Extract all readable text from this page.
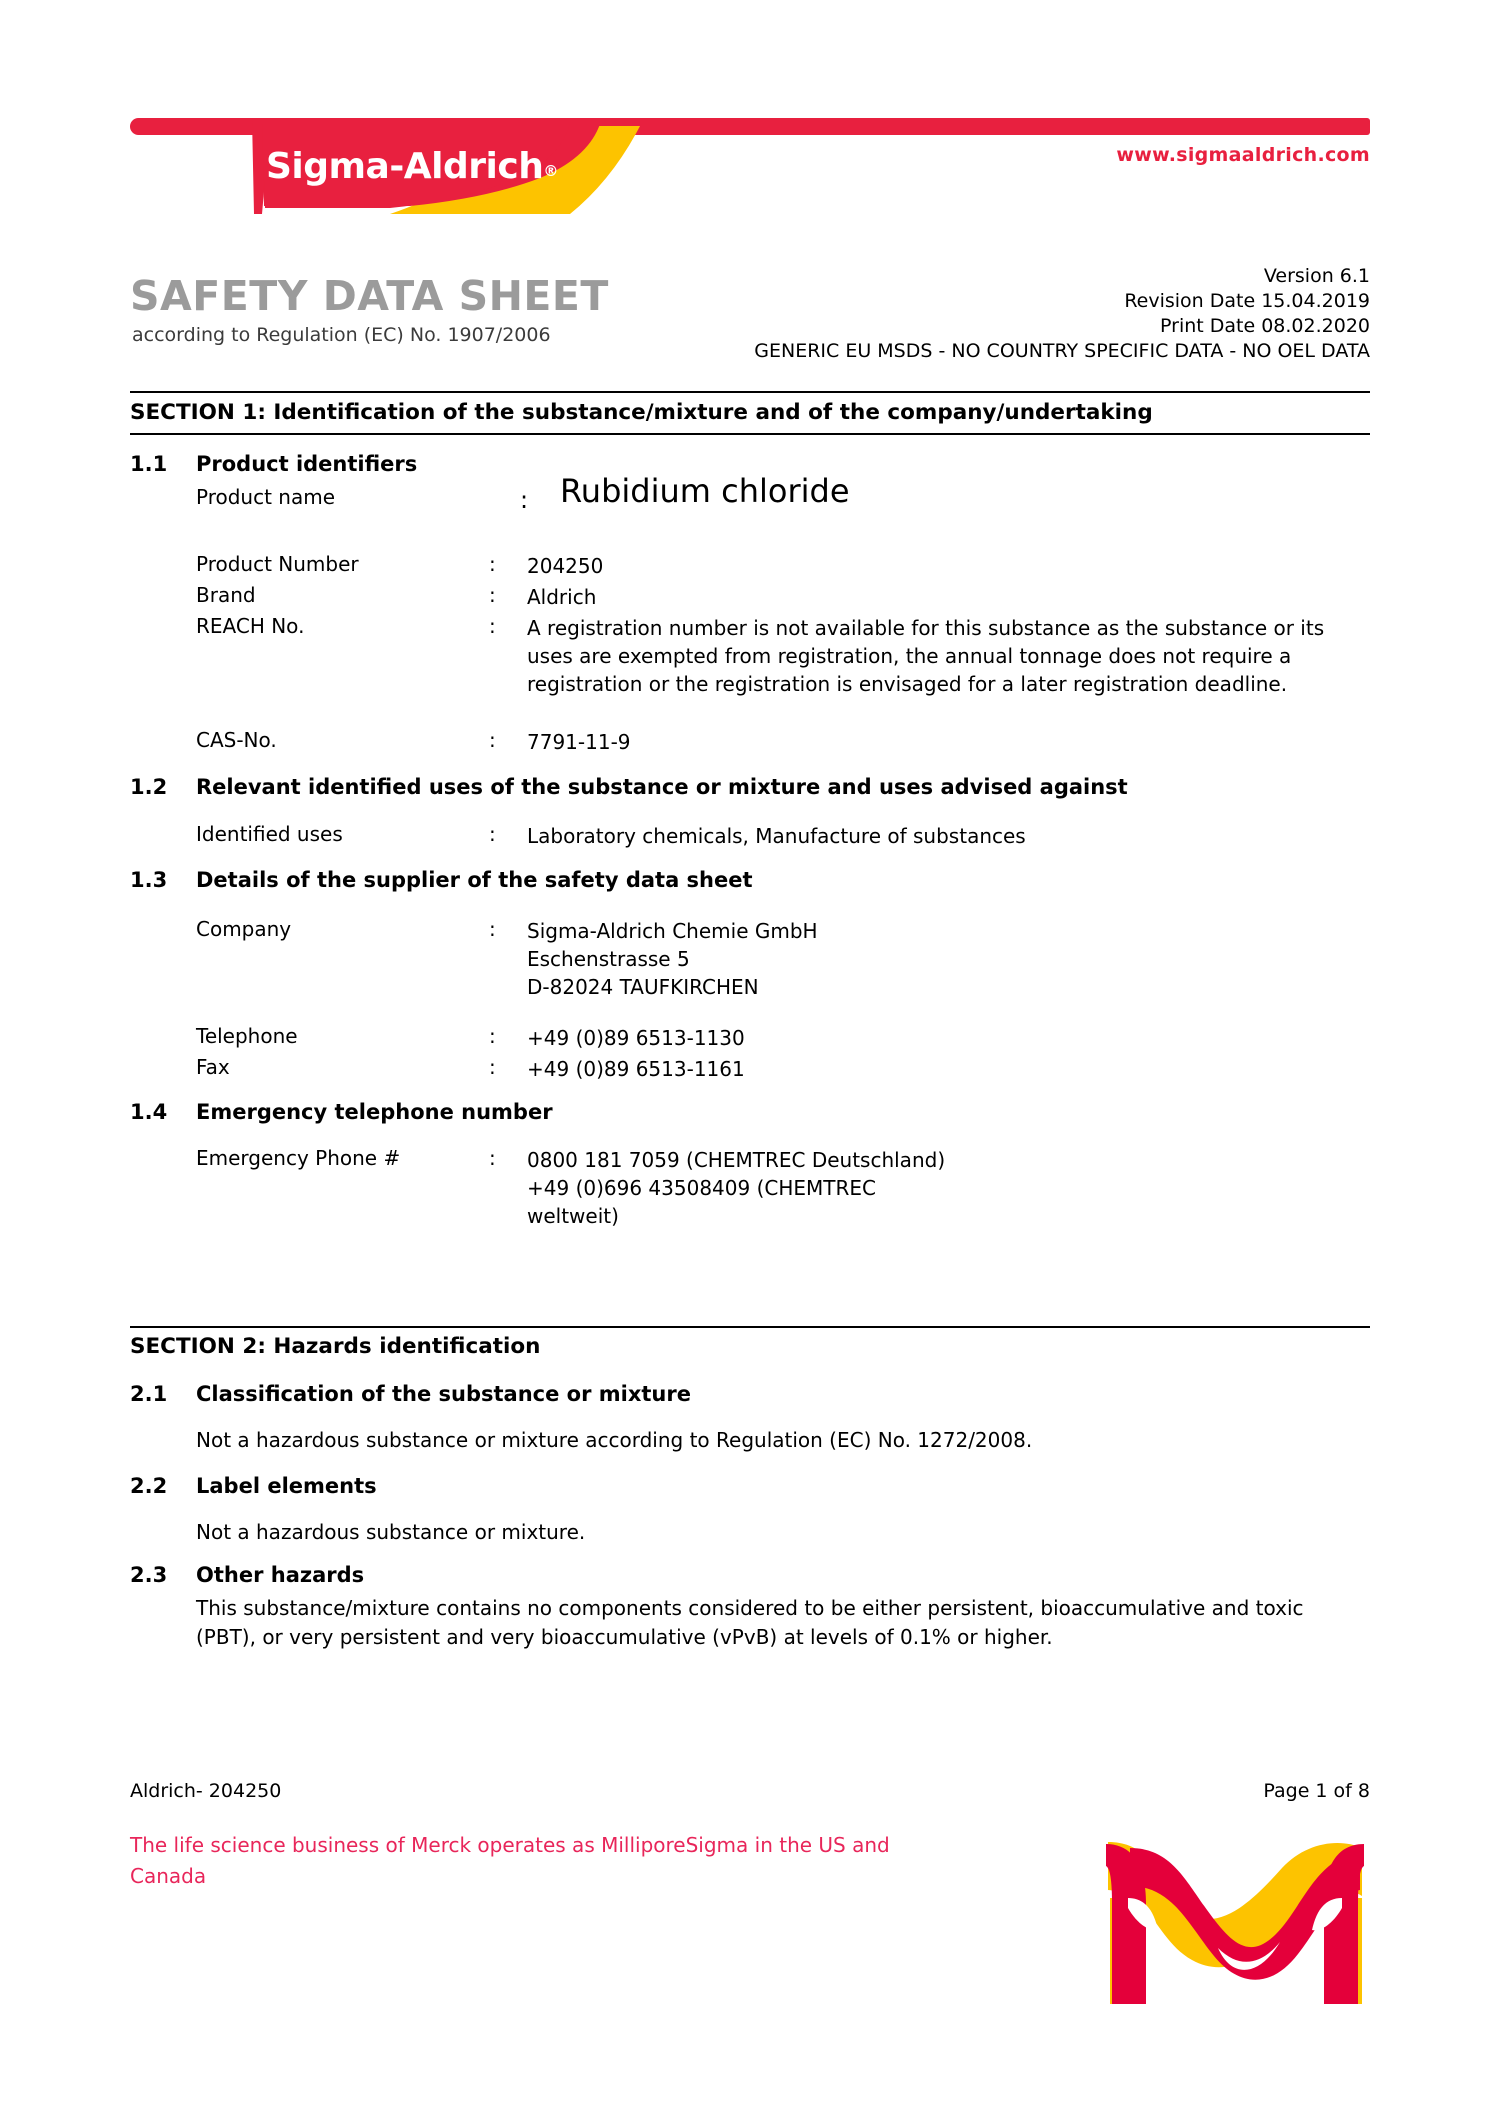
Sigma-Aldrich®
www.sigmaaldrich.com
SAFETY DATA SHEET
according to Regulation (EC) No. 1907/2006
Version 6.1
Revision Date 15.04.2019
Print Date 08.02.2020
GENERIC EU MSDS - NO COUNTRY SPECIFIC DATA - NO OEL DATA
SECTION 1: Identification of the substance/mixture and of the company/undertaking
1.1 Product identifiers
Product name	: Rubidium chloride
Product Number	: 204250
Brand	: Aldrich
REACH No.	: A registration number is not available for this substance as the substance or its uses are exempted from registration, the annual tonnage does not require a registration or the registration is envisaged for a later registration deadline.
CAS-No.	: 7791-11-9
1.2 Relevant identified uses of the substance or mixture and uses advised against
Identified uses	: Laboratory chemicals, Manufacture of substances
1.3 Details of the supplier of the safety data sheet
Company	: Sigma-Aldrich Chemie GmbH
Eschenstrasse 5
D-82024 TAUFKIRCHEN
Telephone	: +49 (0)89 6513-1130
Fax	: +49 (0)89 6513-1161
1.4 Emergency telephone number
Emergency Phone #	: 0800 181 7059 (CHEMTREC Deutschland)
+49 (0)696 43508409 (CHEMTREC
weltweit)
SECTION 2: Hazards identification
2.1 Classification of the substance or mixture
Not a hazardous substance or mixture according to Regulation (EC) No. 1272/2008.
2.2 Label elements
Not a hazardous substance or mixture.
2.3 Other hazards
This substance/mixture contains no components considered to be either persistent, bioaccumulative and toxic (PBT), or very persistent and very bioaccumulative (vPvB) at levels of 0.1% or higher.
Aldrich- 204250	Page 1 of 8
The life science business of Merck operates as MilliporeSigma in the US and Canada
